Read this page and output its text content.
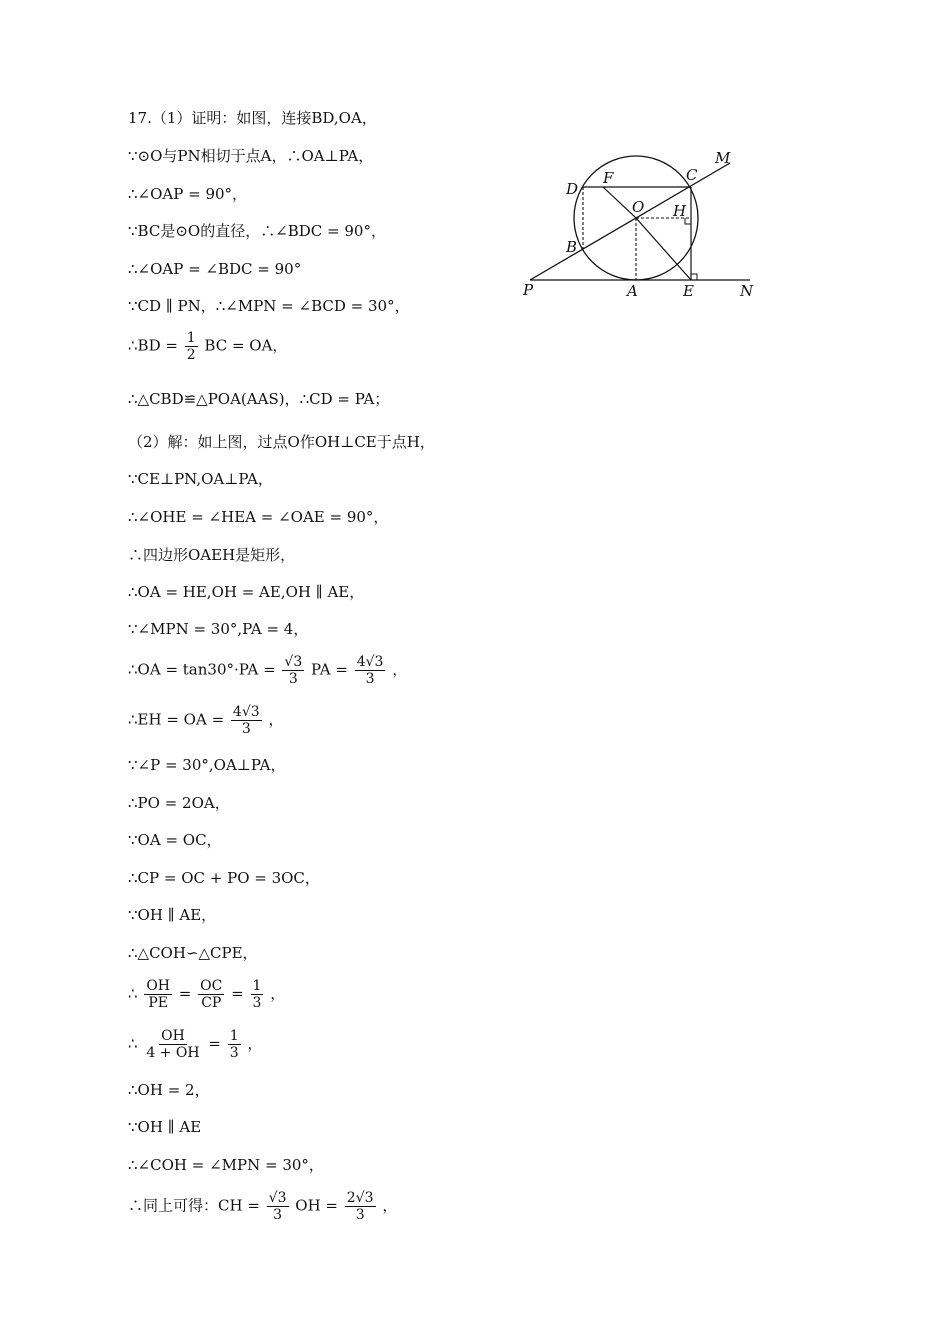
17.（1）证明：如图，连接BD,OA，
∵⊙O与PN相切于点A，∴OA⊥PA，
∴∠OAP = 90°，
∵BC是⊙O的直径，∴∠BDC = 90°，
∴∠OAP = ∠BDC = 90°
∵CD ∥ PN，∴∠MPN = ∠BCD = 30°，
∴BD = $\frac{1}{2}$ BC = OA，
∴△CBD≌△POA(AAS)，∴CD = PA；
（2）解：如上图，过点O作OH⊥CE于点H，
∵CE⊥PN,OA⊥PA，
∴∠OHE = ∠HEA = ∠OAE = 90°，
∴四边形OAEH是矩形，
∴OA = HE,OH = AE,OH ∥ AE，
∵∠MPN = 30°,PA = 4，
∴OA = $\tan 30^\circ\cdot PA = \frac{√3}{3}$ PA = $\frac{4√3}{3}$ ，
∴EH = OA = $\frac{4√3}{3}$ ，
∵∠P = 30°,OA⊥PA，
∴PO = 2OA，
∵OA = OC，
∴CP = OC + PO = 3OC，
∵OH ∥ AE，
∴△COH∽△CPE，
∴ $\frac{OH}{PE} = \frac{OC}{CP} = \frac{1}{3}$ ，
∴ $\frac{OH}{4 + OH} = \frac{1}{3}$ ，
∴OH = 2，
∵OH ∥ AE
∴∠COH = ∠MPN = 30°，
∴同上可得：CH = $\frac{√3}{3}$ OH = $\frac{2√3}{3}$ ，
M
C
D
F
O H
B
P	A	E	N
